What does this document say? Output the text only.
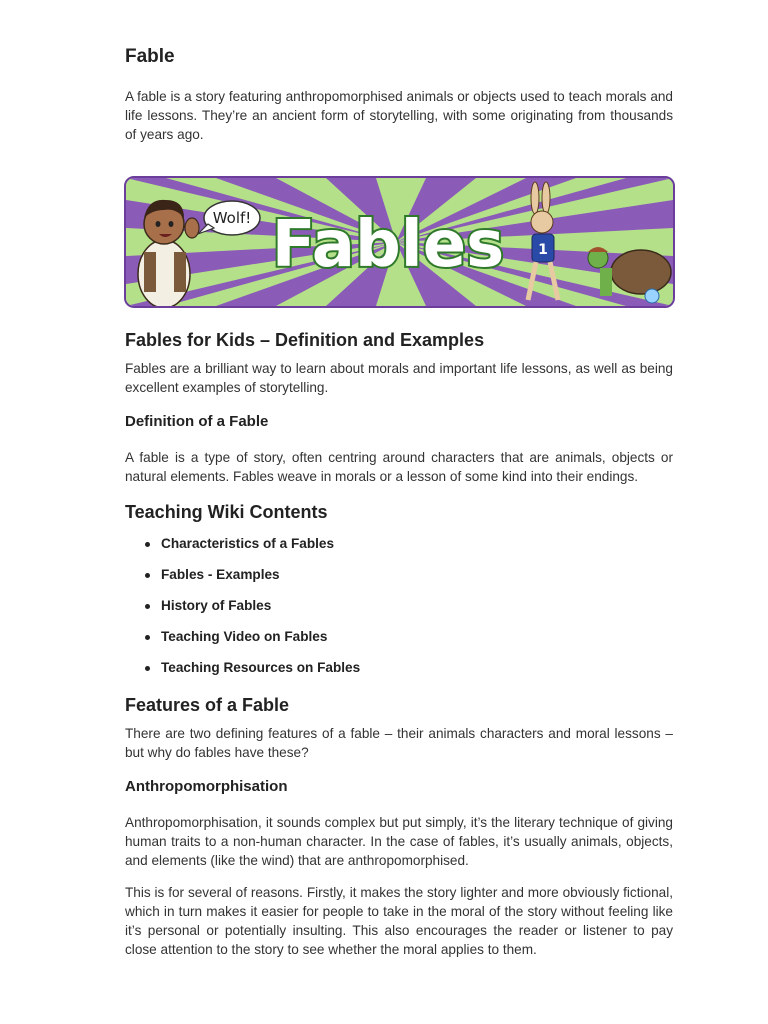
Fable

A fable is a story featuring anthropomorphised animals or objects used to teach morals and life lessons. They’re an ancient form of storytelling, with some originating from thousands of years ago.

Wolf! Fables 1
Fables for Kids – Definition and Examples

Fables are a brilliant way to learn about morals and important life lessons, as well as being excellent examples of storytelling.

Definition of a Fable

A fable is a type of story, often centring around characters that are animals, objects or natural elements. Fables weave in morals or a lesson of some kind into their endings.

Teaching Wiki Contents
Characteristics of a Fables
Fables - Examples
History of Fables
Teaching Video on Fables
Teaching Resources on Fables
Features of a Fable

There are two defining features of a fable – their animals characters and moral lessons – but why do fables have these?

Anthropomorphisation

Anthropomorphisation, it sounds complex but put simply, it’s the literary technique of giving human traits to a non-human character. In the case of fables, it’s usually animals, objects, and elements (like the wind) that are anthropomorphised.

This is for several of reasons. Firstly, it makes the story lighter and more obviously fictional, which in turn makes it easier for people to take in the moral of the story without feeling like it’s personal or potentially insulting. This also encourages the reader or listener to pay close attention to the story to see whether the moral applies to them.
